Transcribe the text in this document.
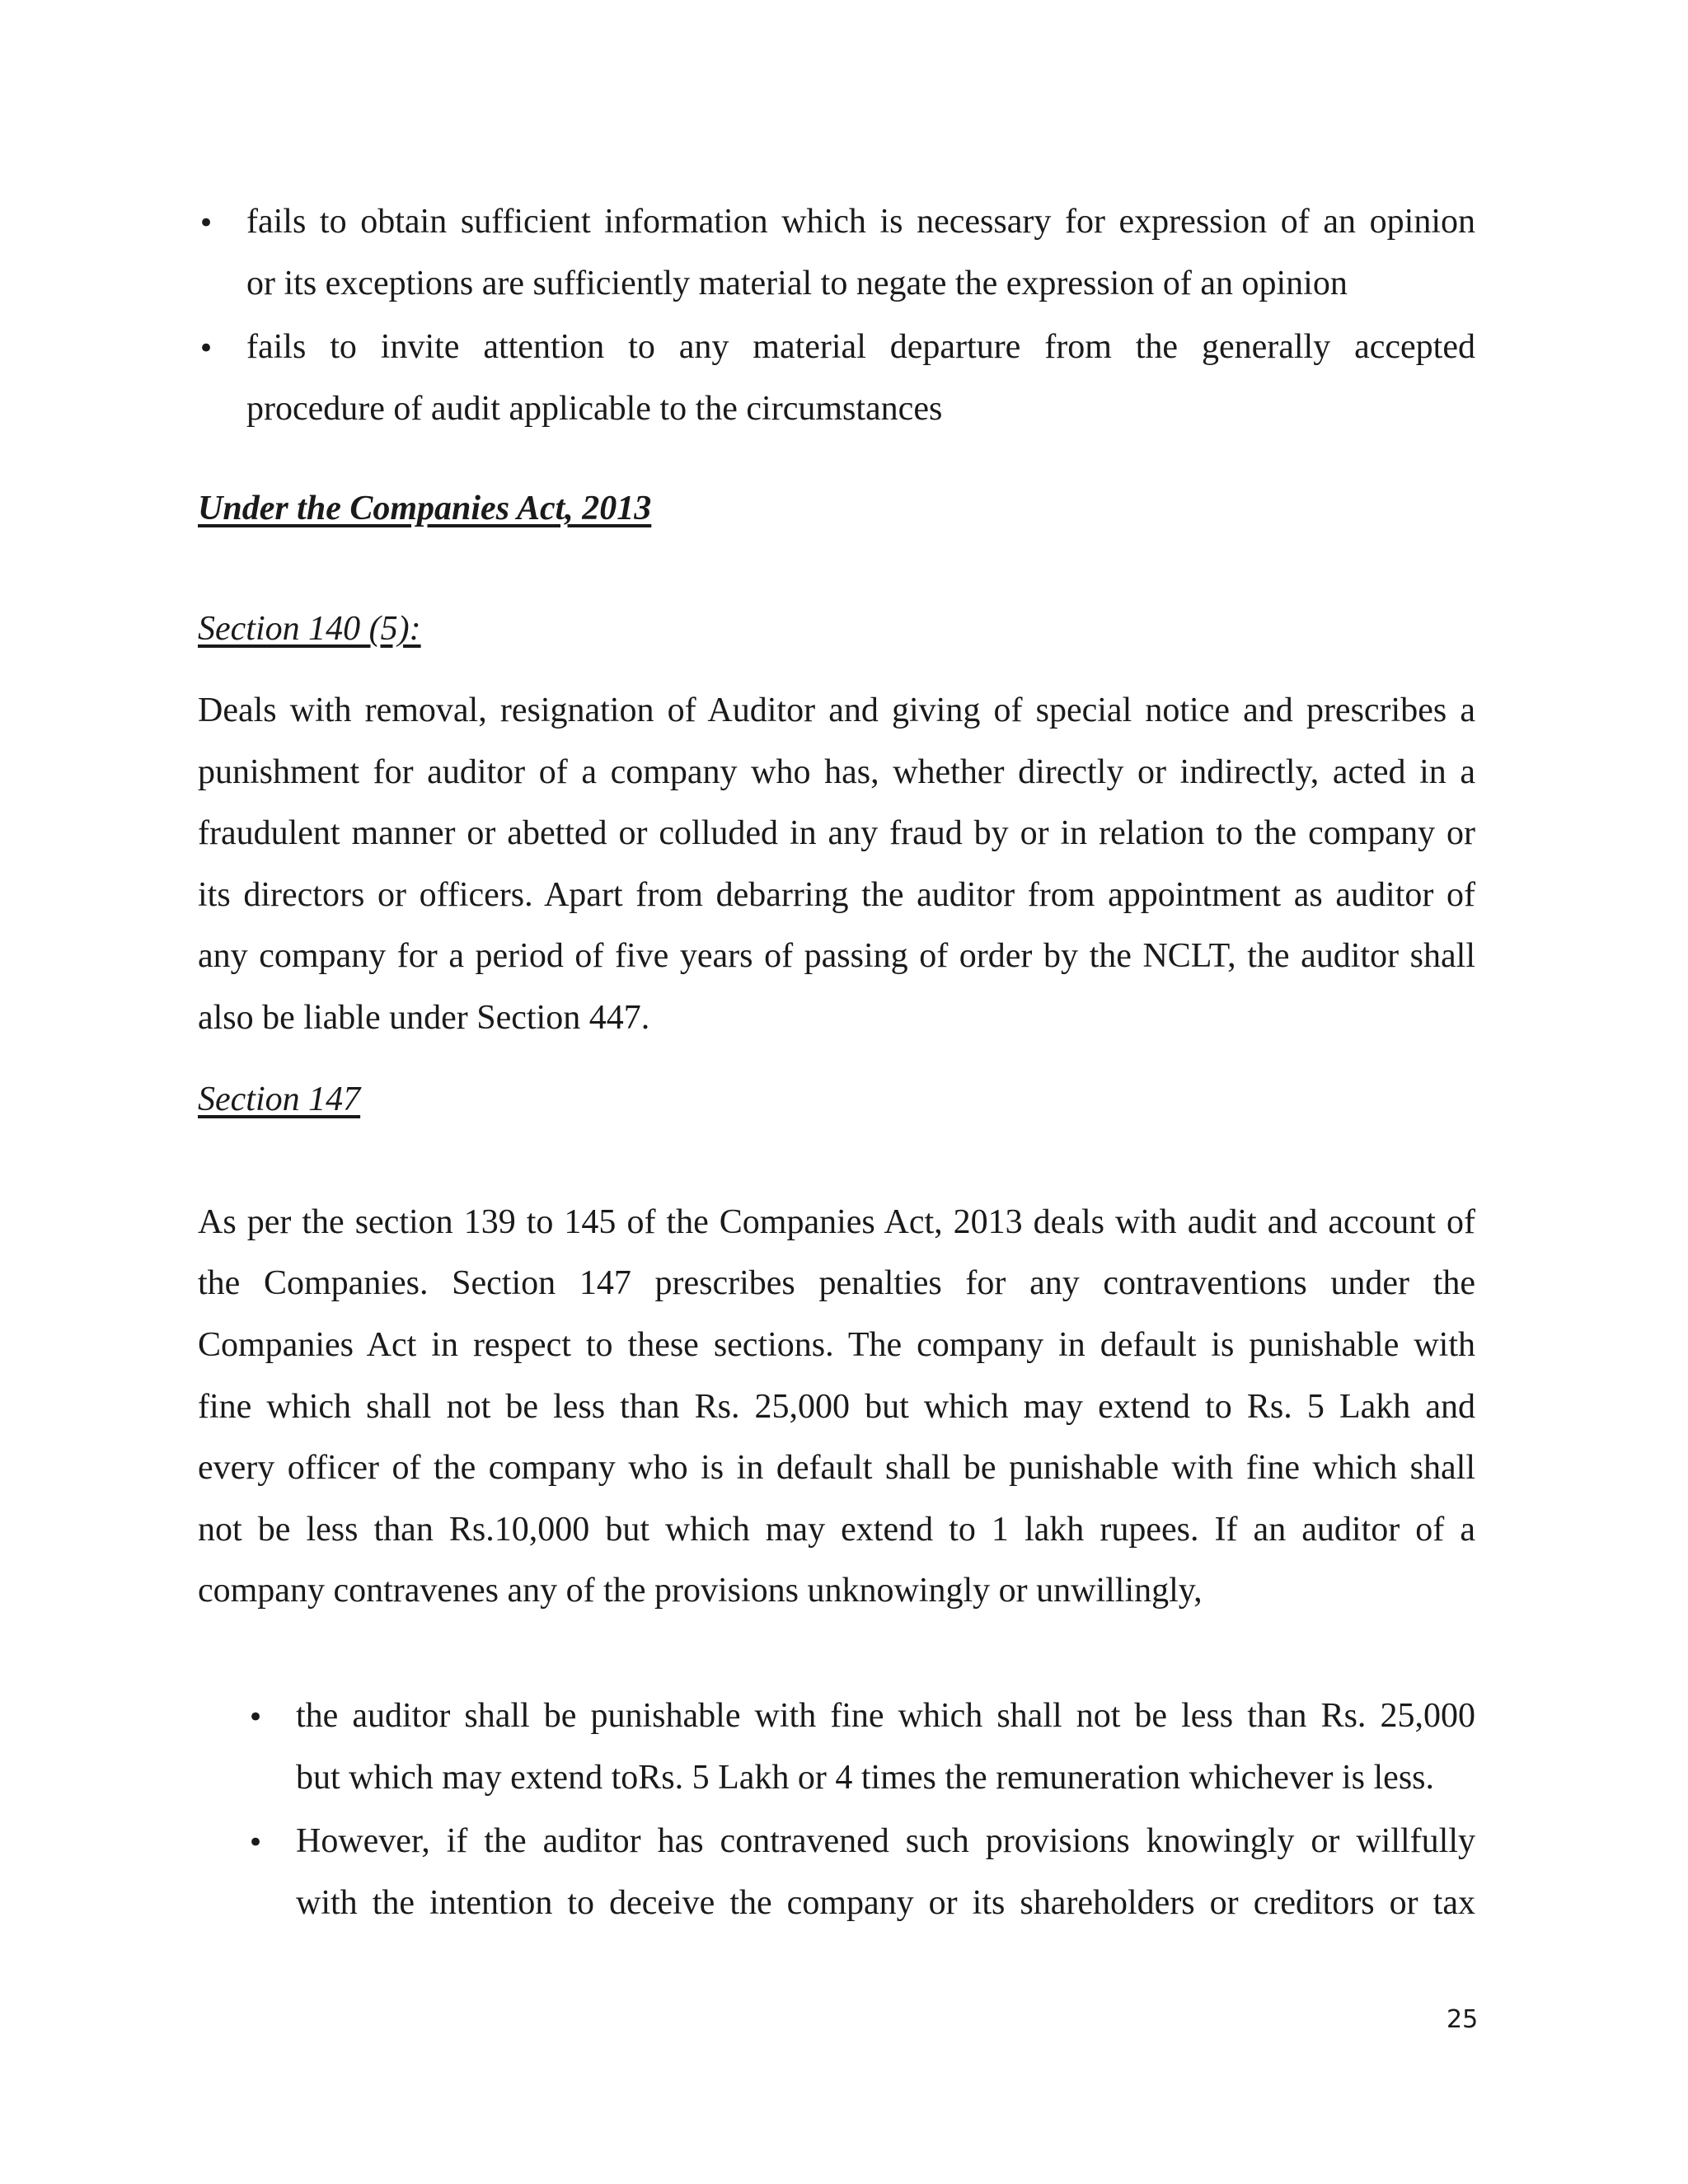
• fails to obtain sufficient information which is necessary for expression of an opinion
or its exceptions are sufficiently material to negate the expression of an opinion
• fails to invite attention to any material departure from the generally accepted
procedure of audit applicable to the circumstances
Under the Companies Act, 2013
Section 140 (5):
Deals with removal, resignation of Auditor and giving of special notice and prescribes a
punishment for auditor of a company who has, whether directly or indirectly, acted in a
fraudulent manner or abetted or colluded in any fraud by or in relation to the company or
its directors or officers. Apart from debarring the auditor from appointment as auditor of
any company for a period of five years of passing of order by the NCLT, the auditor shall
also be liable under Section 447.
Section 147
As per the section 139 to 145 of the Companies Act, 2013 deals with audit and account of
the Companies. Section 147 prescribes penalties for any contraventions under the
Companies Act in respect to these sections. The company in default is punishable with
fine which shall not be less than Rs. 25,000 but which may extend to Rs. 5 Lakh and
every officer of the company who is in default shall be punishable with fine which shall
not be less than Rs.10,000 but which may extend to 1 lakh rupees. If an auditor of a
company contravenes any of the provisions unknowingly or unwillingly,
• the auditor shall be punishable with fine which shall not be less than Rs. 25,000
but which may extend toRs. 5 Lakh or 4 times the remuneration whichever is less.
• However, if the auditor has contravened such provisions knowingly or willfully
with the intention to deceive the company or its shareholders or creditors or tax
25
